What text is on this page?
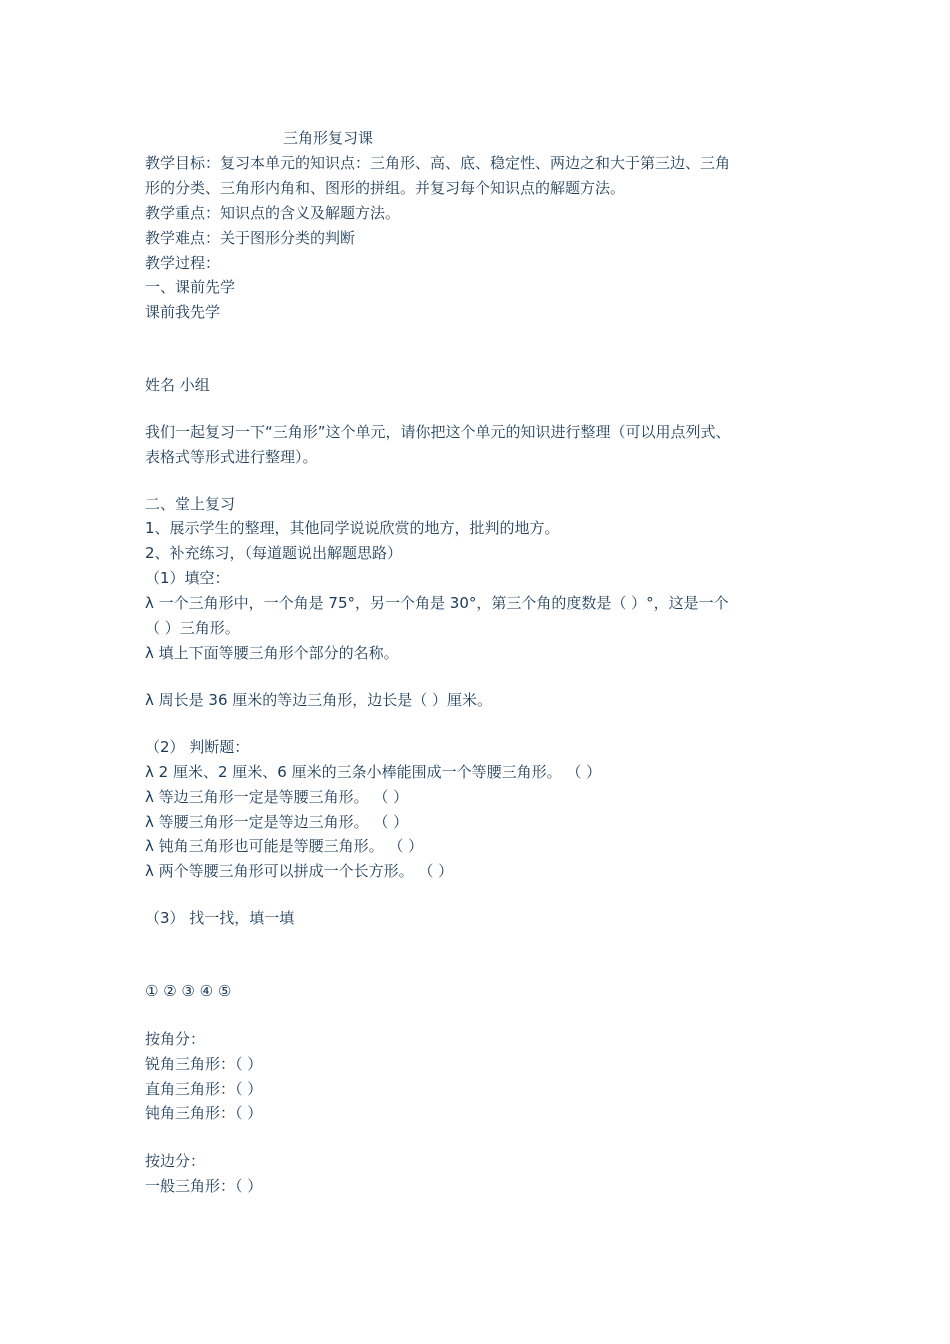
三角形复习课
教学目标：复习本单元的知识点：三角形、高、底、稳定性、两边之和大于第三边、三角
形的分类、三角形内角和、图形的拼组。并复习每个知识点的解题方法。
教学重点：知识点的含义及解题方法。
教学难点：关于图形分类的判断
教学过程：
一、课前先学
课前我先学
姓名 小组
我们一起复习一下“三角形”这个单元，请你把这个单元的知识进行整理（可以用点列式、
表格式等形式进行整理）。
二、堂上复习
1、展示学生的整理，其他同学说说欣赏的地方，批判的地方。
2、补充练习，（每道题说出解题思路）
（1）填空：
λ 一个三角形中，一个角是 75°，另一个角是 30°，第三个角的度数是（ ）°，这是一个
（ ）三角形。
λ 填上下面等腰三角形个部分的名称。
λ 周长是 36 厘米的等边三角形，边长是（ ）厘米。
（2） 判断题：
λ 2 厘米、2 厘米、6 厘米的三条小棒能围成一个等腰三角形。 （ ）
λ 等边三角形一定是等腰三角形。 （ ）
λ 等腰三角形一定是等边三角形。 （ ）
λ 钝角三角形也可能是等腰三角形。 （ ）
λ 两个等腰三角形可以拼成一个长方形。 （ ）
（3） 找一找，填一填
① ② ③ ④ ⑤
按角分：
锐角三角形：（ ）
直角三角形：（ ）
钝角三角形：（ ）
按边分：
一般三角形：（ ）
